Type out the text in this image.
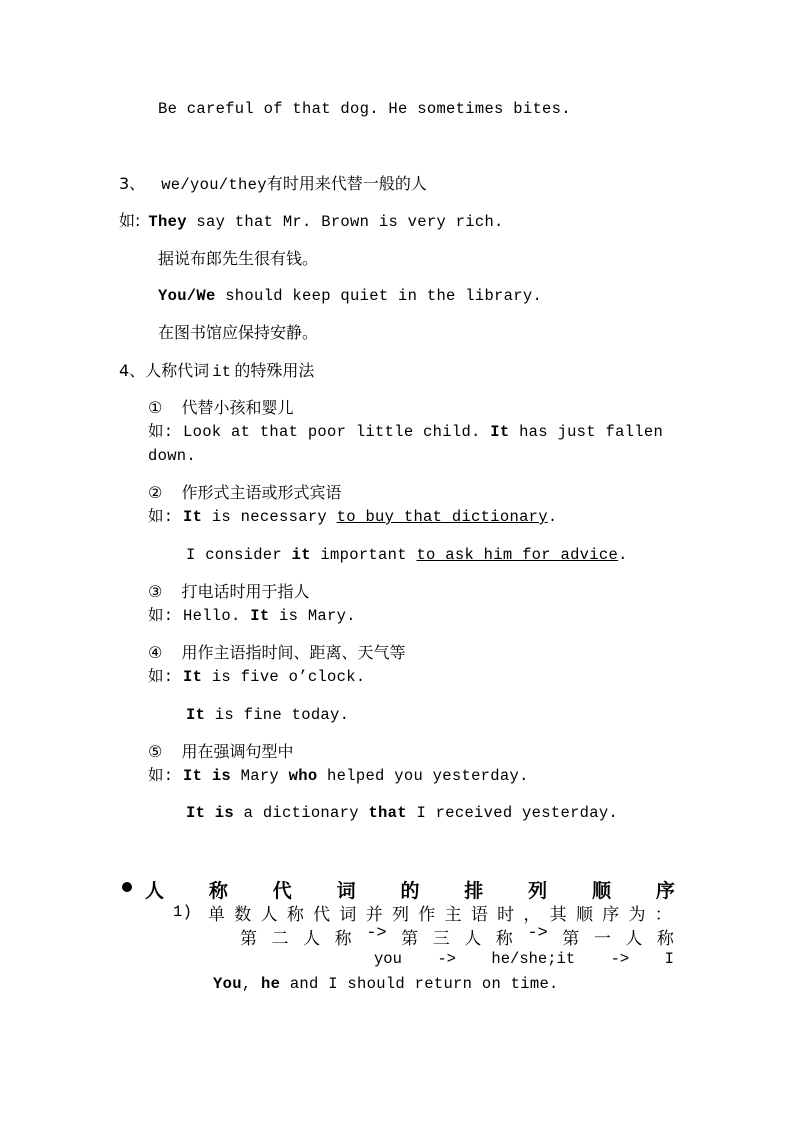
Be careful of that dog. He sometimes bites.
3、 we/you/they有时用来代替一般的人
如: They say that Mr. Brown is very rich.
据说布郎先生很有钱。
You/We should keep quiet in the library.
在图书馆应保持安静。
4、人称代词 it 的特殊用法
① 代替小孩和婴儿
如: Look at that poor little child. It has just fallen
down.
② 作形式主语或形式宾语
如: It is necessary to buy that dictionary.
I consider it important to ask him for advice.
③ 打电话时用于指人
如: Hello. It is Mary.
④ 用作主语指时间、距离、天气等
如: It is five o’clock.
It is fine today.
⑤ 用在强调句型中
如: It is Mary who helped you yesterday.
It is a dictionary that I received yesterday.
人 称 代 词 的 排 列 顺 序
1) 单 数 人 称 代 词 并 列 作 主 语 时 ， 其 顺 序 为 ：
第 二 人 称 -> 第 三 人 称 -> 第 一 人 称
you -> he/she;it -> I
You, he and I should return on time.
